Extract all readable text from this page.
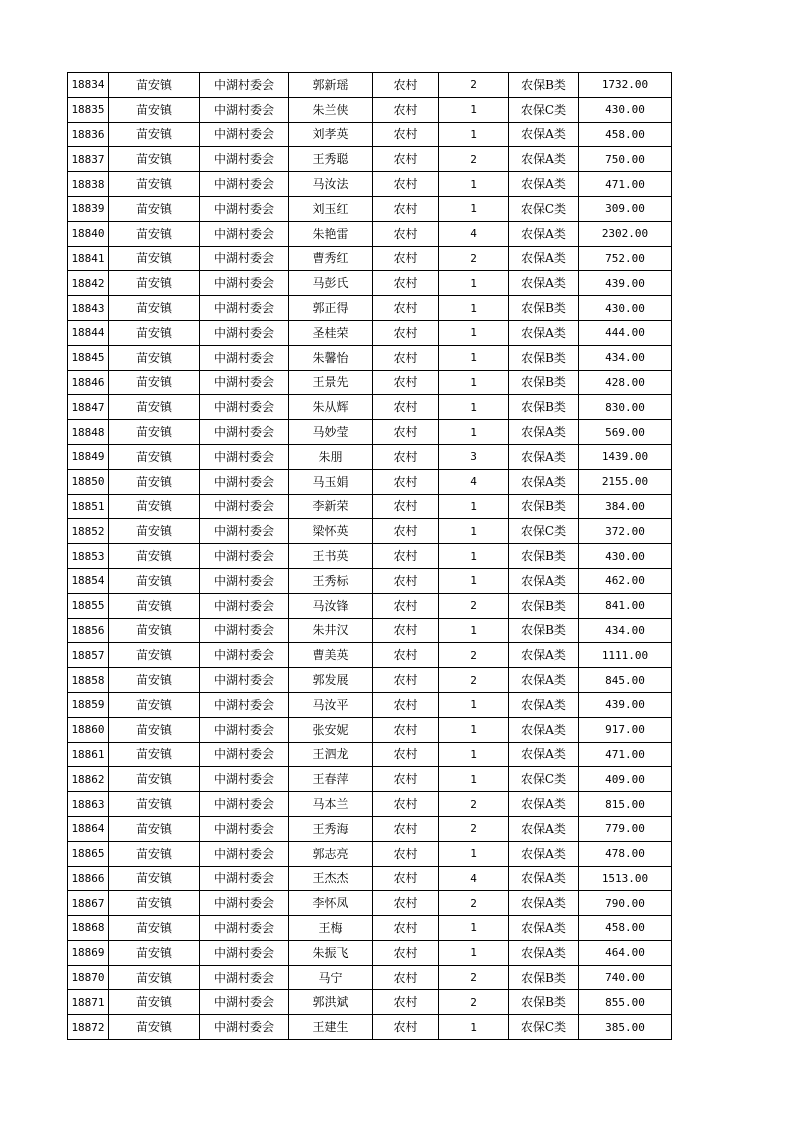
18834	苗安镇	中湖村委会	郭新瑶	农村	2	农保B类	1732.00
18835	苗安镇	中湖村委会	朱兰侠	农村	1	农保C类	430.00
18836	苗安镇	中湖村委会	刘孝英	农村	1	农保A类	458.00
18837	苗安镇	中湖村委会	王秀聪	农村	2	农保A类	750.00
18838	苗安镇	中湖村委会	马汝法	农村	1	农保A类	471.00
18839	苗安镇	中湖村委会	刘玉红	农村	1	农保C类	309.00
18840	苗安镇	中湖村委会	朱艳雷	农村	4	农保A类	2302.00
18841	苗安镇	中湖村委会	曹秀红	农村	2	农保A类	752.00
18842	苗安镇	中湖村委会	马彭氏	农村	1	农保A类	439.00
18843	苗安镇	中湖村委会	郭正得	农村	1	农保B类	430.00
18844	苗安镇	中湖村委会	圣桂荣	农村	1	农保A类	444.00
18845	苗安镇	中湖村委会	朱馨怡	农村	1	农保B类	434.00
18846	苗安镇	中湖村委会	王景先	农村	1	农保B类	428.00
18847	苗安镇	中湖村委会	朱从辉	农村	1	农保B类	830.00
18848	苗安镇	中湖村委会	马妙莹	农村	1	农保A类	569.00
18849	苗安镇	中湖村委会	朱朋	农村	3	农保A类	1439.00
18850	苗安镇	中湖村委会	马玉娟	农村	4	农保A类	2155.00
18851	苗安镇	中湖村委会	李新荣	农村	1	农保B类	384.00
18852	苗安镇	中湖村委会	梁怀英	农村	1	农保C类	372.00
18853	苗安镇	中湖村委会	王书英	农村	1	农保B类	430.00
18854	苗安镇	中湖村委会	王秀标	农村	1	农保A类	462.00
18855	苗安镇	中湖村委会	马汝锋	农村	2	农保B类	841.00
18856	苗安镇	中湖村委会	朱井汉	农村	1	农保B类	434.00
18857	苗安镇	中湖村委会	曹美英	农村	2	农保A类	1111.00
18858	苗安镇	中湖村委会	郭发展	农村	2	农保A类	845.00
18859	苗安镇	中湖村委会	马汝平	农村	1	农保A类	439.00
18860	苗安镇	中湖村委会	张安妮	农村	1	农保A类	917.00
18861	苗安镇	中湖村委会	王泗龙	农村	1	农保A类	471.00
18862	苗安镇	中湖村委会	王春萍	农村	1	农保C类	409.00
18863	苗安镇	中湖村委会	马本兰	农村	2	农保A类	815.00
18864	苗安镇	中湖村委会	王秀海	农村	2	农保A类	779.00
18865	苗安镇	中湖村委会	郭志亮	农村	1	农保A类	478.00
18866	苗安镇	中湖村委会	王杰杰	农村	4	农保A类	1513.00
18867	苗安镇	中湖村委会	李怀凤	农村	2	农保A类	790.00
18868	苗安镇	中湖村委会	王梅	农村	1	农保A类	458.00
18869	苗安镇	中湖村委会	朱振飞	农村	1	农保A类	464.00
18870	苗安镇	中湖村委会	马宁	农村	2	农保B类	740.00
18871	苗安镇	中湖村委会	郭洪斌	农村	2	农保B类	855.00
18872	苗安镇	中湖村委会	王建生	农村	1	农保C类	385.00
